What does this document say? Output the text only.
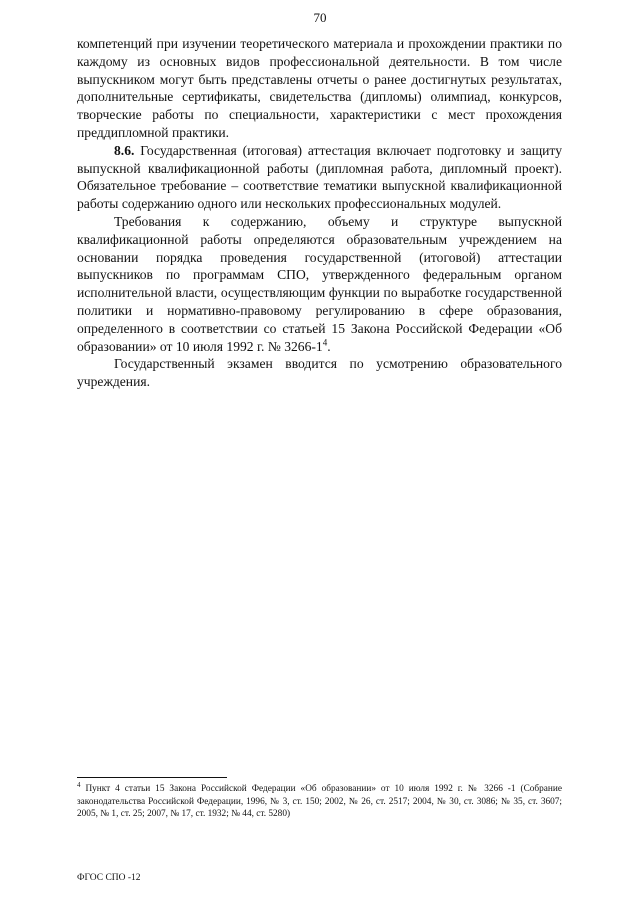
70

компетенций при изучении теоретического материала и прохождении практики по каждому из основных видов профессиональной деятельности. В том числе выпускником могут быть представлены отчеты о ранее достигнутых результатах, дополнительные сертификаты, свидетельства (дипломы) олимпиад, конкурсов, творческие работы по специальности, характеристики с мест прохождения преддипломной практики.

8.6. Государственная (итоговая) аттестация включает подготовку и защиту выпускной квалификационной работы (дипломная работа, дипломный проект). Обязательное требование – соответствие тематики выпускной квалификационной работы содержанию одного или нескольких профессиональных модулей.

Требования к содержанию, объему и структуре выпускной квалификационной работы определяются образовательным учреждением на основании порядка проведения государственной (итоговой) аттестации выпускников по программам СПО, утвержденного федеральным органом исполнительной власти, осуществляющим функции по выработке государственной политики и нормативно-правовому регулированию в сфере образования, определенного в соответствии со статьей 15 Закона Российской Федерации «Об образовании» от 10 июля 1992 г. № $3266-1^4$.

Государственный экзамен вводится по усмотрению образовательного учреждения.

$^4$ Пункт 4 статьи 15 Закона Российской Федерации «Об образовании» от 10 июля 1992 г. № 3266 -1 (Собрание законодательства Российской Федерации, 1996, № 3, ст. 150; 2002, № 26, ст. 2517; 2004, № 30, ст. 3086; № 35, ст. 3607; 2005, № 1, ст. 25; 2007, № 17, ст. 1932; № 44, ст. 5280)
ФГОС СПО -12
